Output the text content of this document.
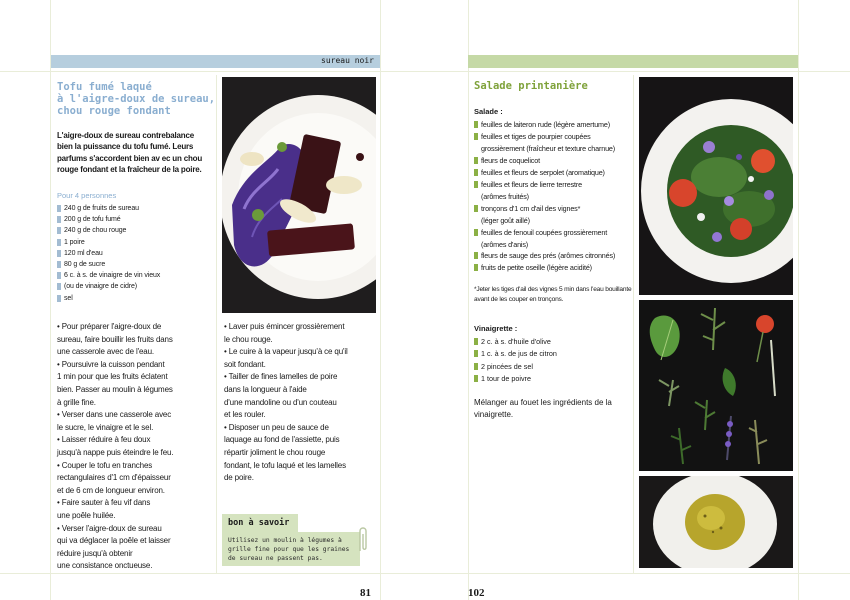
sureau noir
Tofu fumé laqué
à l'aigre-doux de sureau,
chou rouge fondant
L'aigre-doux de sureau contrebalance bien la puissance du tofu fumé. Leurs parfums s'accordent bien av ec un chou rouge fondant et la fraîcheur de la poire.
Pour 4 personnes
240 g de fruits de sureau
200 g de tofu fumé
240 g de chou rouge
1 poire
120 ml d'eau
80 g de sucre
6 c. à s. de vinaigre de vin vieux
(ou de vinaigre de cidre)
sel
• Pour préparer l'aigre-doux de
sureau, faire bouillir les fruits dans
une casserole avec de l'eau.
• Poursuivre la cuisson pendant
1 min pour que les fruits éclatent
bien. Passer au moulin à légumes
à grille fine.
• Verser dans une casserole avec
le sucre, le vinaigre et le sel.
• Laisser réduire à feu doux
jusqu'à nappe puis éteindre le feu.
• Couper le tofu en tranches
rectangulaires d'1 cm d'épaisseur
et de 6 cm de longueur environ.
• Faire sauter à feu vif dans
une poêle huilée.
• Verser l'aigre-doux de sureau
qui va déglacer la poêle et laisser
réduire jusqu'à obtenir
une consistance onctueuse.
• Laver puis émincer grossièrement
le chou rouge.
• Le cuire à la vapeur jusqu'à ce qu'il
soit fondant.
• Tailler de fines lamelles de poire
dans la longueur à l'aide
d'une mandoline ou d'un couteau
et les rouler.
• Disposer un peu de sauce de
laquage au fond de l'assiette, puis
répartir joliment le chou rouge
fondant, le tofu laqué et les lamelles
de poire.
bon à savoir
Utilisez un moulin à légumes à grille fine pour que les graines de sureau ne passent pas.
81
Salade printanière
Salade :
feuilles de laiteron rude (légère amertume)
feuilles et tiges de pourpier coupées
grossièrement (fraîcheur et texture charnue)
fleurs de coquelicot
feuilles et fleurs de serpolet (aromatique)
feuilles et fleurs de lierre terrestre
(arômes fruités)
tronçons d'1 cm d'ail des vignes*
(léger goût aillé)
feuilles de fenouil coupées grossièrement
(arômes d'anis)
fleurs de sauge des prés (arômes citronnés)
fruits de petite oseille (légère acidité)
*Jeter les tiges d'ail des vignes 5 min dans l'eau bouillante avant de les couper en tronçons.
Vinaigrette :
2 c. à s. d'huile d'olive
1 c. à s. de jus de citron
2 pincées de sel
1 tour de poivre
Mélanger au fouet les ingrédients de la vinaigrette.
102
